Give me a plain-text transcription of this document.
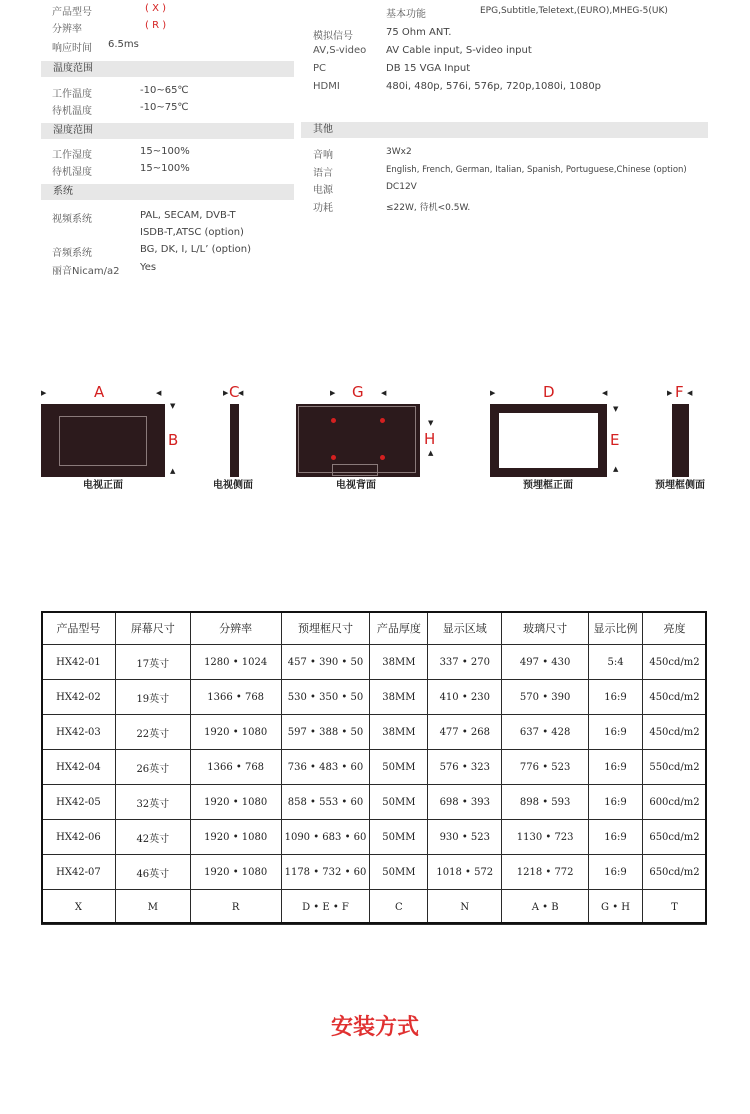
产品型号	( X )
分辨率	( R )
响应时间 6.5ms
温度范围
工作温度	-10~65℃
待机温度	-10~75℃
湿度范围
工作湿度	15~100%
待机湿度	15~100%
系统
视频系统	PAL, SECAM, DVB-T
ISDB-T,ATSC (option)
音频系统	BG, DK, I, L/L’ (option)
丽音Nicam/a2 Yes
基本功能	EPG,Subtitle,Teletext,(EURO),MHEG-5(UK)
模拟信号	75 Ohm ANT.
AV,S-video AV Cable input, S-video input
PC	DB 15 VGA Input
HDMI	480i, 480p, 576i, 576p, 720p,1080i, 1080p
其他
音响	3Wx2
语言	English, French, German, Italian, Spanish, Portuguese,Chinese (option)
电源	DC12V
功耗	≤22W, 待机<0.5W.
▶	A	◀
▼
B
▲
电视正面
▶ C
◀
电视侧面
▶ G ◀
▼
H
▲
电视背面
▶	D	◀
▼
E
▲
预埋框正面
▶ F ◀
预埋框侧面
产品型号	屏幕尺寸	分辨率	预埋框尺寸	产品厚度	显示区域	玻璃尺寸	显示比例	亮度
HX42-01	17英寸	1280 • 1024	457 • 390 • 50	38MM	337 • 270	497 • 430	5:4	450cd/m2
HX42-02	19英寸	1366 • 768	530 • 350 • 50	38MM	410 • 230	570 • 390	16:9	450cd/m2
HX42-03	22英寸	1920 • 1080	597 • 388 • 50	38MM	477 • 268	637 • 428	16:9	450cd/m2
HX42-04	26英寸	1366 • 768	736 • 483 • 60	50MM	576 • 323	776 • 523	16:9	550cd/m2
HX42-05	32英寸	1920 • 1080	858 • 553 • 60	50MM	698 • 393	898 • 593	16:9	600cd/m2
HX42-06	42英寸	1920 • 1080	1090 • 683 • 60	50MM	930 • 523	1130 • 723	16:9	650cd/m2
HX42-07	46英寸	1920 • 1080	1178 • 732 • 60	50MM	1018 • 572	1218 • 772	16:9	650cd/m2
X	M	R	D • E • F	C	N	A • B	G • H	T
安装方式
